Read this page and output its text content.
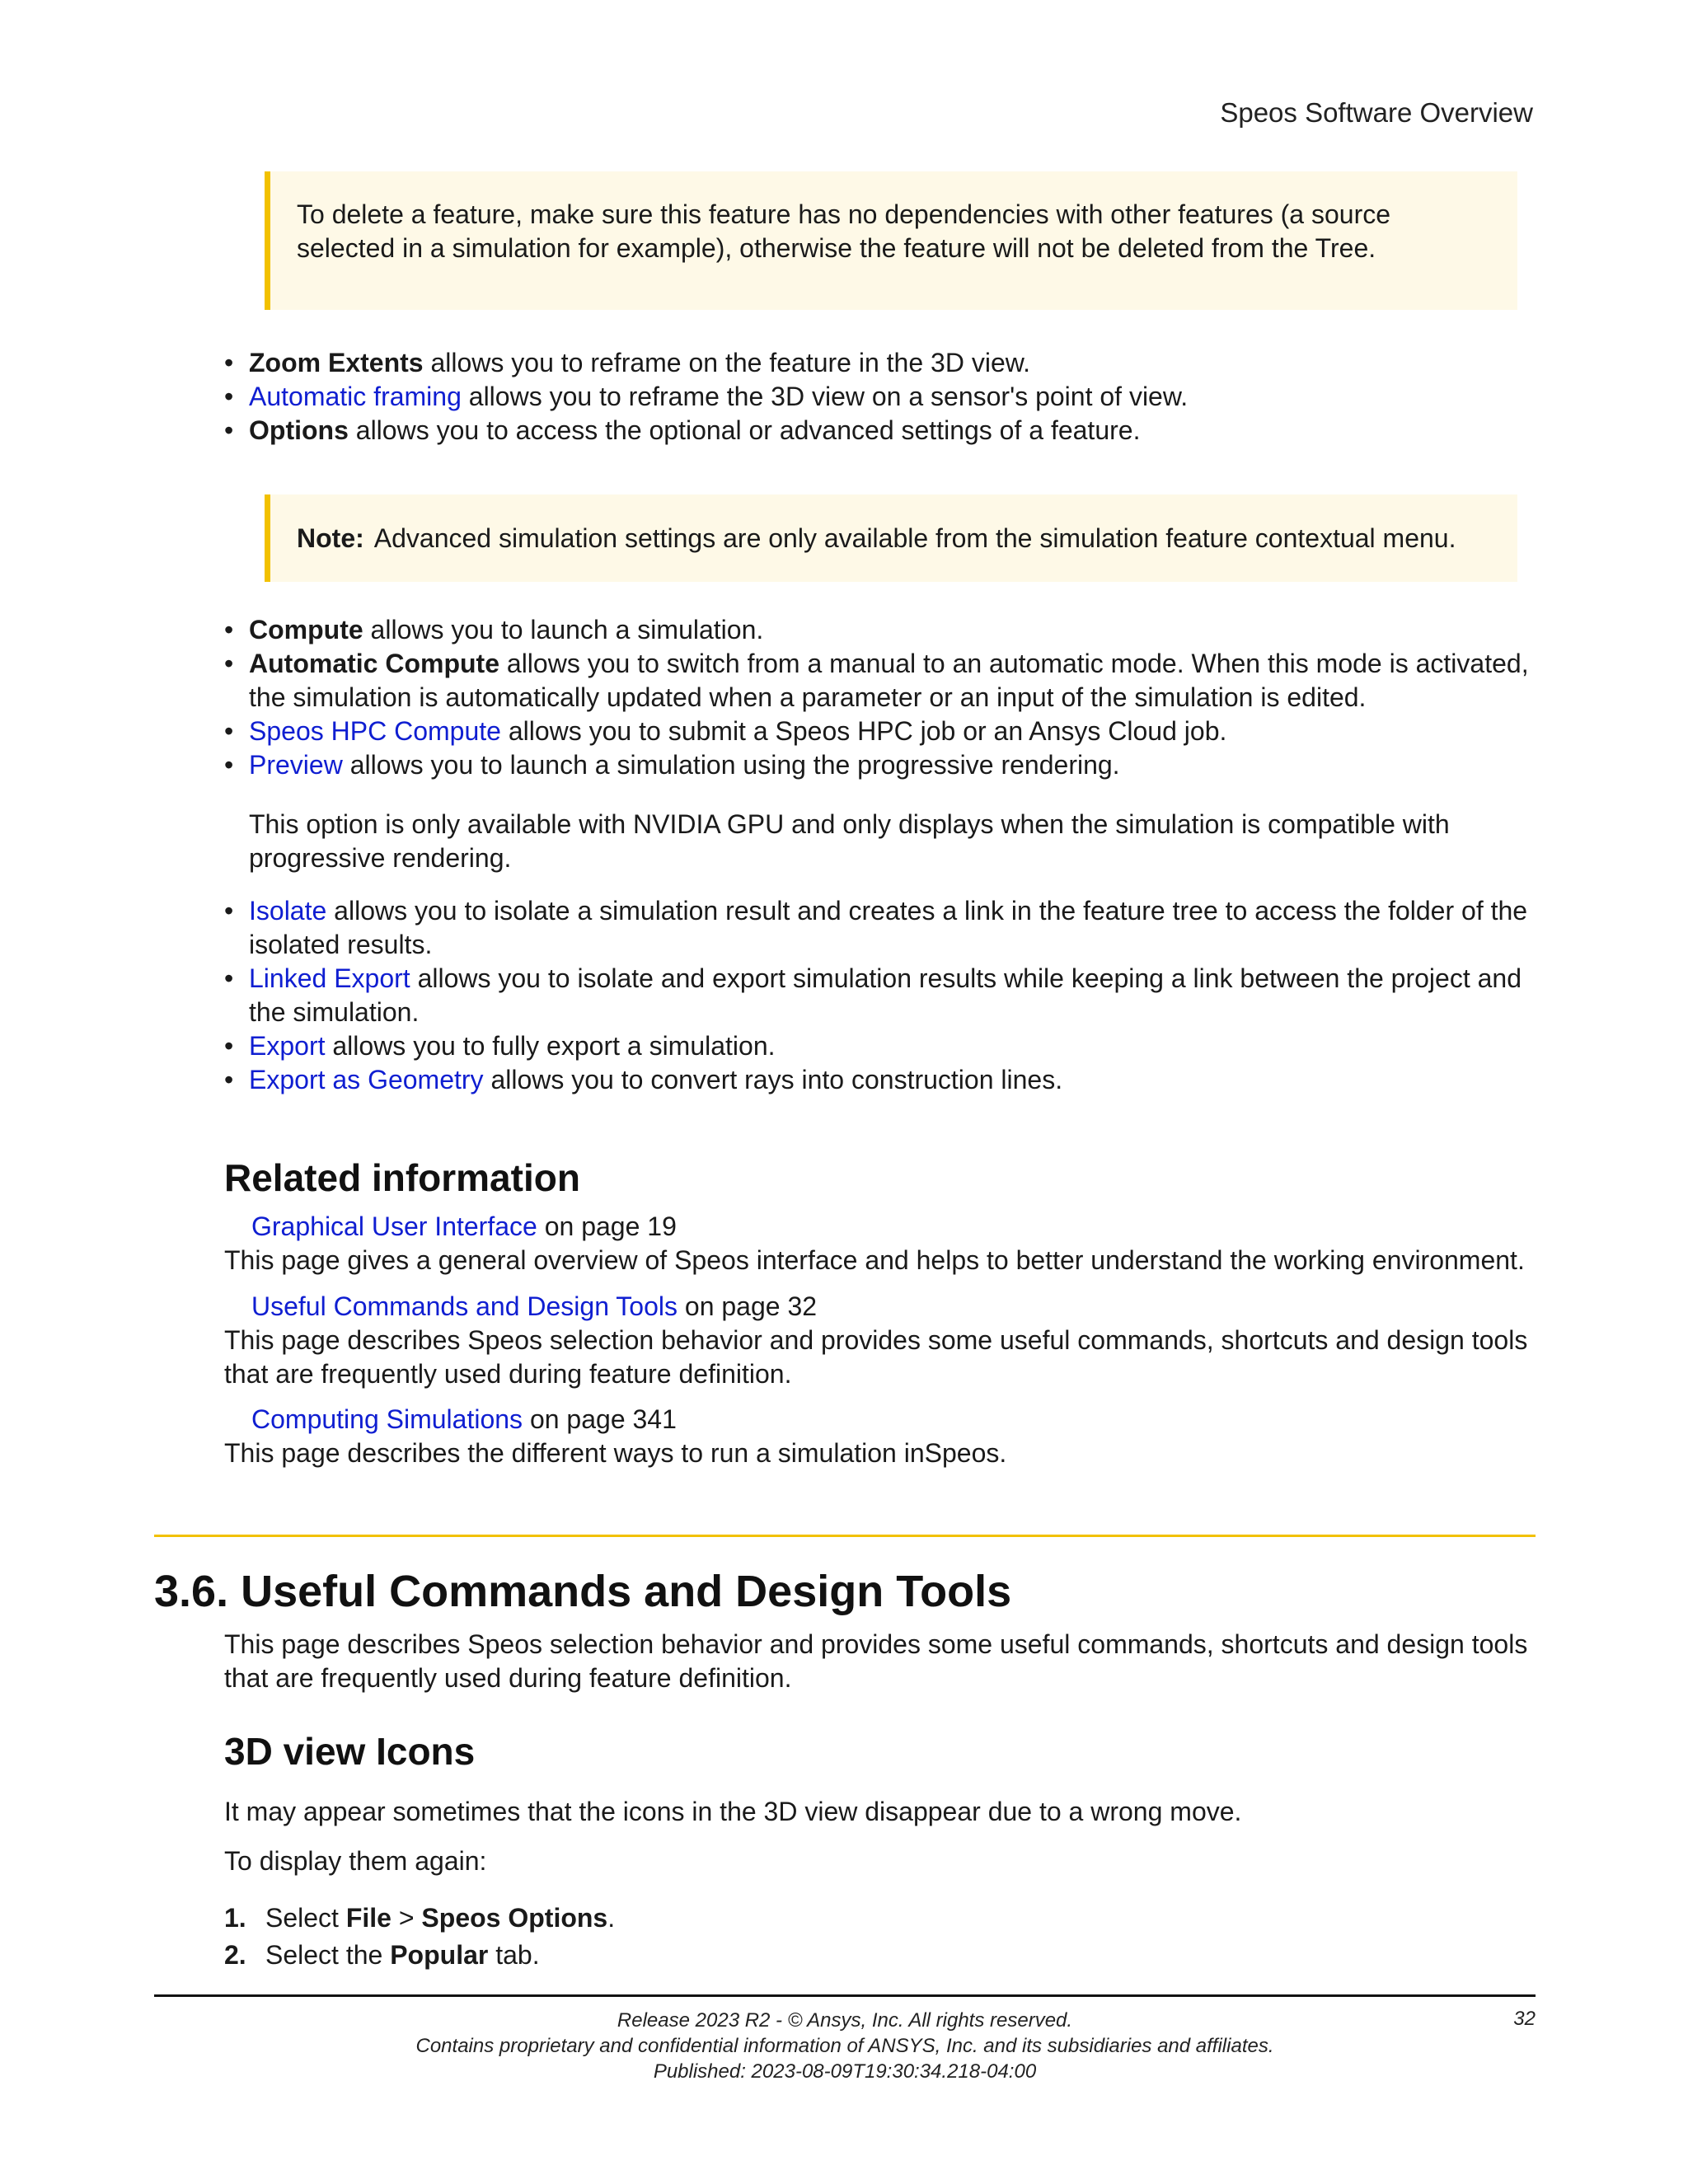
Speos Software Overview
To delete a feature, make sure this feature has no dependencies with other features (a source selected in a simulation for example), otherwise the feature will not be deleted from the Tree.
• Zoom Extents allows you to reframe on the feature in the 3D view.
• Automatic framing allows you to reframe the 3D view on a sensor's point of view.
• Options allows you to access the optional or advanced settings of a feature.
Note: Advanced simulation settings are only available from the simulation feature contextual menu.
• Compute allows you to launch a simulation.
• Automatic Compute allows you to switch from a manual to an automatic mode. When this mode is activated, the simulation is automatically updated when a parameter or an input of the simulation is edited.
• Speos HPC Compute allows you to submit a Speos HPC job or an Ansys Cloud job.
• Preview allows you to launch a simulation using the progressive rendering.
This option is only available with NVIDIA GPU and only displays when the simulation is compatible with progressive rendering.
• Isolate allows you to isolate a simulation result and creates a link in the feature tree to access the folder of the isolated results.
• Linked Export allows you to isolate and export simulation results while keeping a link between the project and the simulation.
• Export allows you to fully export a simulation.
• Export as Geometry allows you to convert rays into construction lines.
Related information
Graphical User Interface on page 19
This page gives a general overview of Speos interface and helps to better understand the working environment.
Useful Commands and Design Tools on page 32
This page describes Speos selection behavior and provides some useful commands, shortcuts and design tools that are frequently used during feature definition.
Computing Simulations on page 341
This page describes the different ways to run a simulation inSpeos.
3.6. Useful Commands and Design Tools
This page describes Speos selection behavior and provides some useful commands, shortcuts and design tools that are frequently used during feature definition.
3D view Icons
It may appear sometimes that the icons in the 3D view disappear due to a wrong move.
To display them again:
1. Select File > Speos Options.
2. Select the Popular tab.
Release 2023 R2 - © Ansys, Inc. All rights reserved.
Contains proprietary and confidential information of ANSYS, Inc. and its subsidiaries and affiliates.
Published: 2023-08-09T19:30:34.218-04:00
32
